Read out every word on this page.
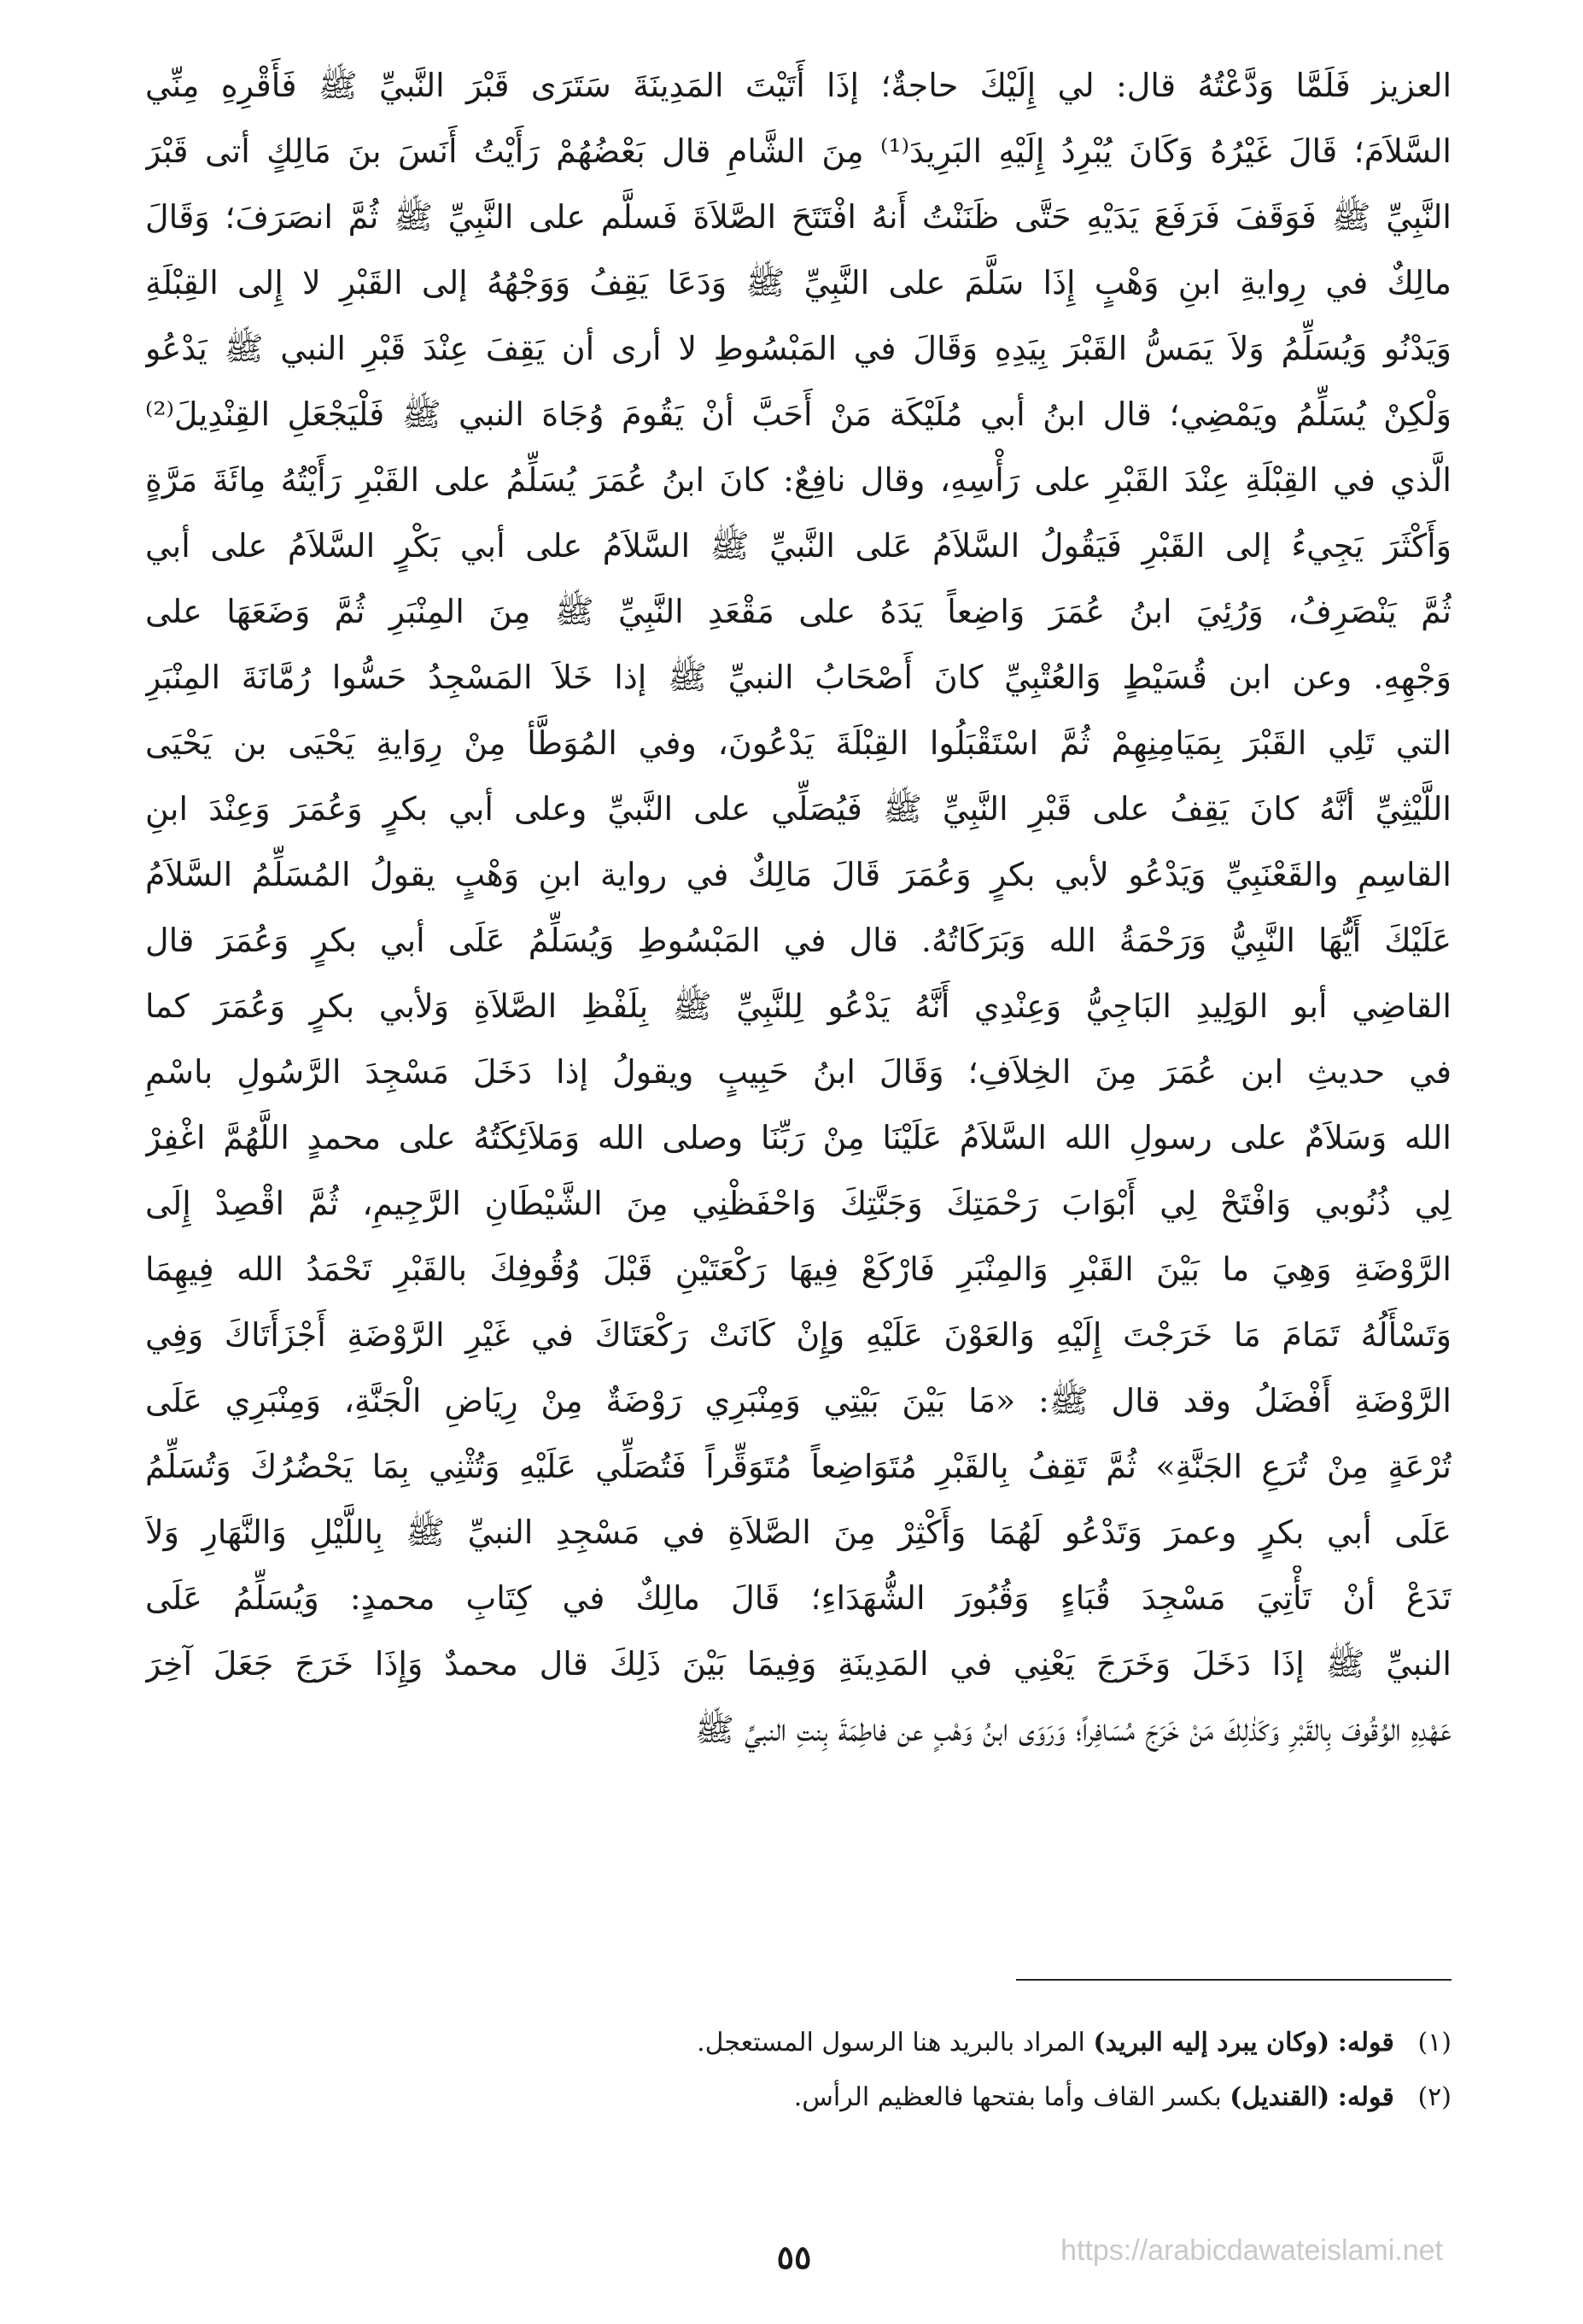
العزيز فَلَمَّا وَدَّعْتُهُ قال: لي إِلَيْكَ حاجةٌ؛ إذَا أَتَيْتَ المَدِينَةَ سَتَرَى قَبْرَ النَّبيِّ ﷺ فَأَقْرِهِ مِنِّي
السَّلاَمَ؛ قَالَ غَيْرُهُ وَكَانَ يُبْرِدُ إِلَيْهِ البَرِيدَ⁽¹⁾ مِنَ الشَّامِ قال بَعْضُهُمْ رَأَيْتُ أَنَسَ بنَ مَالِكٍ أتى قَبْرَ
النَّبِيِّ ﷺ فَوَقَفَ فَرَفَعَ يَدَيْهِ حَتَّى ظَنَنْتُ أَنهُ افْتَتَحَ الصَّلاَةَ فَسلَّم على النَّبِيِّ ﷺ ثُمَّ انصَرَفَ؛ وَقَالَ
مالِكٌ في رِوايةِ ابنِ وَهْبٍ إِذَا سَلَّمَ على النَّبِيِّ ﷺ وَدَعَا يَقِفُ وَوَجْهُهُ إلى القَبْرِ لا إِلى القِبْلَةِ
وَيَدْنُو وَيُسَلِّمُ وَلاَ يَمَسُّ القَبْرَ بِيَدِهِ وَقَالَ في المَبْسُوطِ لا أرى أن يَقِفَ عِنْدَ قَبْرِ النبي ﷺ يَدْعُو
وَلْكِنْ يُسَلِّمُ ويَمْضِي؛ قال ابنُ أبي مُلَيْكَة مَنْ أَحَبَّ أنْ يَقُومَ وُجَاهَ النبي ﷺ فَلْيَجْعَلِ القِنْدِيلَ⁽²⁾
الَّذي في القِبْلَةِ عِنْدَ القَبْرِ على رَأْسِهِ، وقال نافِعٌ: كانَ ابنُ عُمَرَ يُسَلِّمُ على القَبْرِ رَأَيْتُهُ مِائَةَ مَرَّةٍ
وَأَكْثَرَ يَجِيءُ إلى القَبْرِ فَيَقُولُ السَّلاَمُ عَلى النَّبيِّ ﷺ السَّلاَمُ على أبي بَكْرٍ السَّلاَمُ على أبي
ثُمَّ يَنْصَرِفُ، وَرُئِيَ ابنُ عُمَرَ وَاضِعاً يَدَهُ على مَقْعَدِ النَّبِيِّ ﷺ مِنَ المِنْبَرِ ثُمَّ وَضَعَهَا على
وَجْهِهِ. وعن ابن قُسَيْطٍ وَالعُتْبِيِّ كانَ أَصْحَابُ النبيِّ ﷺ إذا خَلاَ المَسْجِدُ حَسُّوا رُمَّانَةَ المِنْبَرِ
التي تَلِي القَبْرَ بِمَيَامِنِهِمْ ثُمَّ اسْتَقْبَلُوا القِبْلَةَ يَدْعُونَ، وفي المُوَطَّأ مِنْ رِوَايةِ يَحْيَى بن يَحْيَى
اللَّيْثِيِّ أنَّهُ كانَ يَقِفُ على قَبْرِ النَّبِيِّ ﷺ فَيُصَلِّي على النَّبيِّ وعلى أبي بكرٍ وَعُمَرَ وَعِنْدَ ابنِ
القاسِمِ والقَعْنَبِيِّ وَيَدْعُو لأبي بكرٍ وَعُمَرَ قَالَ مَالِكٌ في رواية ابنِ وَهْبٍ يقولُ المُسَلِّمُ السَّلاَمُ
عَلَيْكَ أَيُّهَا النَّبِيُّ وَرَحْمَةُ الله وَبَرَكَاتُهُ. قال في المَبْسُوطِ وَيُسَلِّمُ عَلَى أبي بكرٍ وَعُمَرَ قال
القاضِي أبو الوَلِيدِ البَاجِيُّ وَعِنْدِي أَنَّهُ يَدْعُو لِلنَّبِيِّ ﷺ بِلَفْظِ الصَّلاَةِ وَلأبي بكرٍ وَعُمَرَ كما
في حديثِ ابن عُمَرَ مِنَ الخِلاَفِ؛ وَقَالَ ابنُ حَبِيبٍ ويقولُ إذا دَخَلَ مَسْجِدَ الرَّسُولِ باسْمِ
الله وَسَلاَمٌ على رسولِ الله السَّلاَمُ عَلَيْنَا مِنْ رَبِّنَا وصلى الله وَمَلاَئِكَتُهُ على محمدٍ اللَّهُمَّ اغْفِرْ
لِي ذُنُوبي وَافْتَحْ لِي أَبْوَابَ رَحْمَتِكَ وَجَنَّتِكَ وَاحْفَظْنِي مِنَ الشَّيْطَانِ الرَّجِيمِ، ثُمَّ اقْصِدْ إِلَى
الرَّوْضَةِ وَهِيَ ما بَيْنَ القَبْرِ وَالمِنْبَرِ فَارْكَعْ فِيهَا رَكْعَتَيْنِ قَبْلَ وُقُوفِكَ بالقَبْرِ تَحْمَدُ الله فِيهِمَا
وَتَسْأَلُهُ تَمَامَ مَا خَرَجْتَ إِلَيْهِ وَالعَوْنَ عَلَيْهِ وَإِنْ كَانَتْ رَكْعَتَاكَ في غَيْرِ الرَّوْضَةِ أَجْزَأَتَاكَ وَفِي
الرَّوْضَةِ أَفْضَلُ وقد قال ﷺ: «مَا بَيْنَ بَيْتِي وَمِنْبَرِي رَوْضَةٌ مِنْ رِيَاضِ الْجَنَّةِ، وَمِنْبَرِي عَلَى
تُرْعَةٍ مِنْ تُرَعِ الجَنَّةِ» ثُمَّ تَقِفُ بِالقَبْرِ مُتَوَاضِعاً مُتَوَقِّراً فَتُصَلِّي عَلَيْهِ وَتُثْنِي بِمَا يَحْضُرُكَ وَتُسَلِّمُ
عَلَى أبي بكرٍ وعمرَ وَتَدْعُو لَهُمَا وَأَكْثِرْ مِنَ الصَّلاَةِ في مَسْجِدِ النبيِّ ﷺ بِاللَّيْلِ وَالنَّهَارِ وَلاَ
تَدَعْ أنْ تَأْتِيَ مَسْجِدَ قُبَاءٍ وَقُبُورَ الشُّهَدَاءِ؛ قَالَ مالِكٌ في كِتَابِ محمدٍ: وَيُسَلِّمُ عَلَى
النبيِّ ﷺ إذَا دَخَلَ وَخَرَجَ يَعْنِي في المَدِينَةِ وَفِيمَا بَيْنَ ذَلِكَ قال محمدٌ وَإِذَا خَرَجَ جَعَلَ آخِرَ
عَهْدِهِ الوُقُوفَ بِالقَبْرِ وَكَذٰلِكَ مَنْ خَرَجَ مُسَافِراً؛ وَرَوَى ابنُ وَهْبٍ عن فاطِمَةَ بِنتِ النبيِّ ﷺ
(١) قوله: (وكان يبرد إليه البريد) المراد بالبريد هنا الرسول المستعجل.
(٢) قوله: (القنديل) بكسر القاف وأما بفتحها فالعظيم الرأس.
٥٥	https://arabicdawateislami.net
